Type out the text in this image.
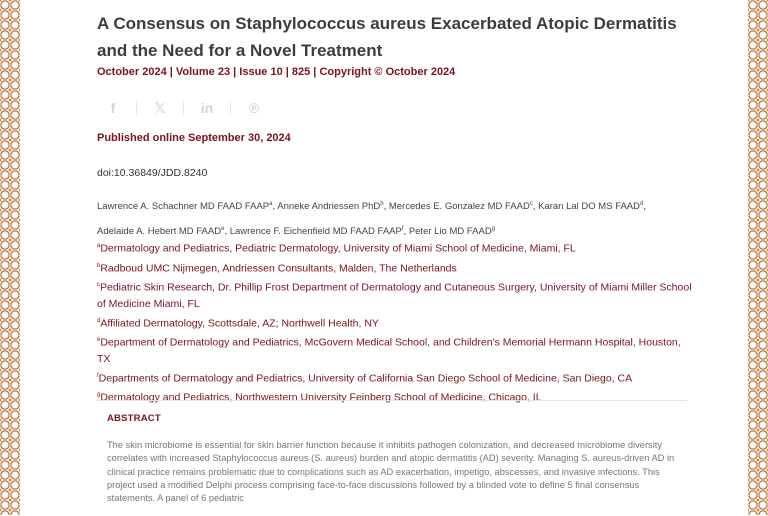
A Consensus on Staphylococcus aureus Exacerbated Atopic Dermatitis and the Need for a Novel Treatment
October 2024 | Volume 23 | Issue 10 | 825 | Copyright © October 2024
f	𝕏	in	℗
Published online September 30, 2024
doi:10.36849/JDD.8240
Lawrence A. Schachner MD FAAD FAAP$^a$, Anneke Andriessen PhD$^b$, Mercedes E. Gonzalez MD FAAD$^c$, Karan Lal DO MS FAAD$^d$,
Adelaide A. Hebert MD FAAD$^e$, Lawrence F. Eichenfield MD FAAD FAAP$^f$, Peter Lio MD FAAD$^g$
$^a$Dermatology and Pediatrics, Pediatric Dermatology, University of Miami School of Medicine, Miami, FL
$^b$Radboud UMC Nijmegen, Andriessen Consultants, Malden, The Netherlands
$^c$Pediatric Skin Research, Dr. Phillip Frost Department of Dermatology and Cutaneous Surgery, University of Miami Miller School of Medicine Miami, FL
$^d$Affiliated Dermatology, Scottsdale, AZ; Northwell Health, NY
$^e$Department of Dermatology and Pediatrics, McGovern Medical School, and Children's Memorial Hermann Hospital, Houston, TX
$^f$Departments of Dermatology and Pediatrics, University of California San Diego School of Medicine, San Diego, CA
$^g$Dermatology and Pediatrics, Northwestern University Feinberg School of Medicine, Chicago, IL
ABSTRACT
The skin microbiome is essential for skin barrier function because it inhibits pathogen colonization, and decreased microbiome diversity correlates with increased Staphylococcus aureus (S. aureus) burden and atopic dermatitis (AD) severity. Managing S. aureus-driven AD in clinical practice remains problematic due to complications such as AD exacerbation, impetigo, abscesses, and invasive infections. This project used a modified Delphi process comprising face-to-face discussions followed by a blinded vote to define 5 final consensus statements. A panel of 6 pediatric
